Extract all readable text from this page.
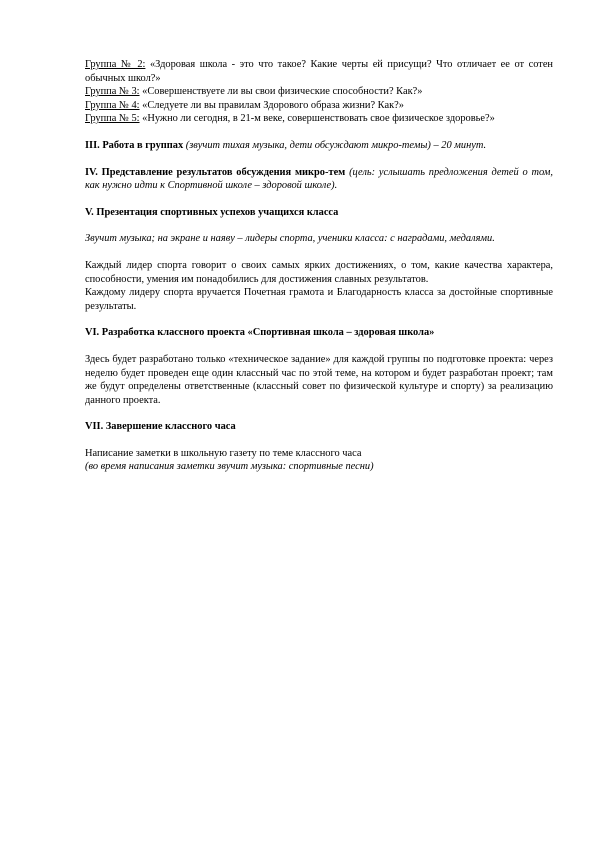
Группа № 2: «Здоровая школа - это что такое? Какие черты ей присущи? Что отличает ее от сотен обычных школ?»

Группа № 3: «Совершенствуете ли вы свои физические способности? Как?»

Группа № 4: «Следуете ли вы правилам Здорового образа жизни? Как?»

Группа № 5: «Нужно ли сегодня, в 21-м веке, совершенствовать свое физическое здоровье?»

III. Работа в группах (звучит тихая музыка, дети обсуждают микро-темы) – 20 минут.

IV. Представление результатов обсуждения микро-тем (цель: услышать предложения детей о том, как нужно идти к Спортивной школе – здоровой школе).

V. Презентация спортивных успехов учащихся класса

Звучит музыка; на экране и наяву – лидеры спорта, ученики класса: с наградами, медалями.

Каждый лидер спорта говорит о своих самых ярких достижениях, о том, какие качества характера, способности, умения им понадобились для достижения славных результатов.

Каждому лидеру спорта вручается Почетная грамота и Благодарность класса за достойные спортивные результаты.

VI. Разработка классного проекта «Спортивная школа – здоровая школа»

Здесь будет разработано только «техническое задание» для каждой группы по подготовке проекта: через неделю будет проведен еще один классный час по этой теме, на котором и будет разработан проект; там же будут определены ответственные (классный совет по физической культуре и спорту) за реализацию данного проекта.

VII. Завершение классного часа

Написание заметки в школьную газету по теме классного часа

(во время написания заметки звучит музыка: спортивные песни)
